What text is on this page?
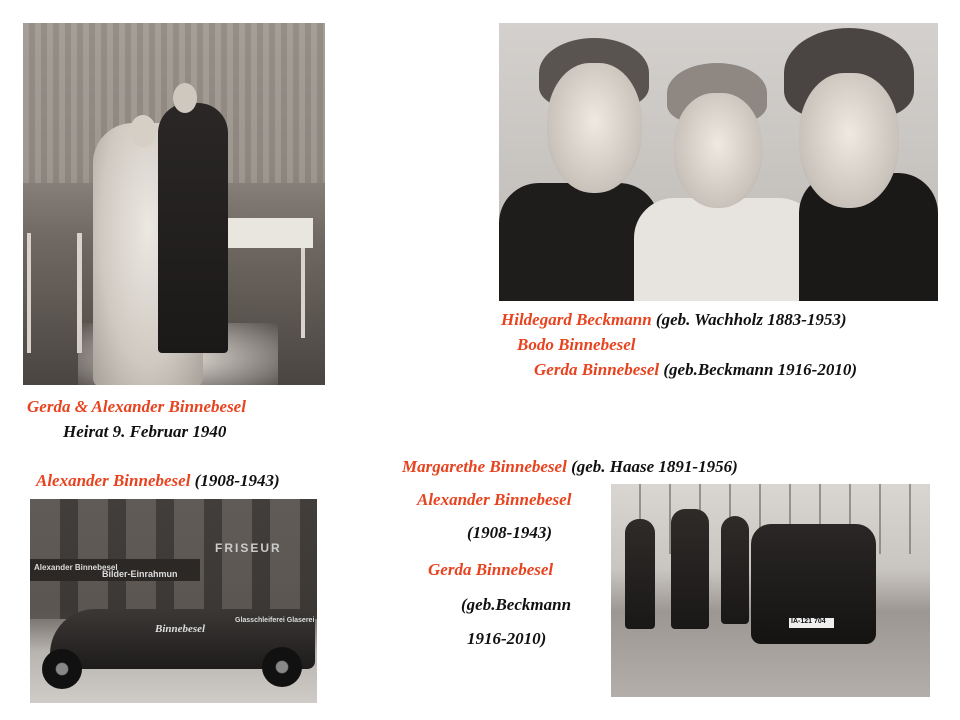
Alexander Binnebesel
Bilder-Einrahmun
FRISEUR
Binnebesel
Glasschleiferei Glaserei	IA-121 704
Gerda & Alexander Binnebesel
Heirat 9. Februar 1940
Hildegard Beckmann (geb. Wachholz 1883-1953)
Bodo Binnebesel
Gerda Binnebesel (geb.Beckmann 1916-2010)
Alexander Binnebesel (1908-1943)
Margarethe Binnebesel (geb. Haase 1891-1956)
Alexander Binnebesel
(1908-1943)
Gerda Binnebesel
(geb.Beckmann
1916-2010)
